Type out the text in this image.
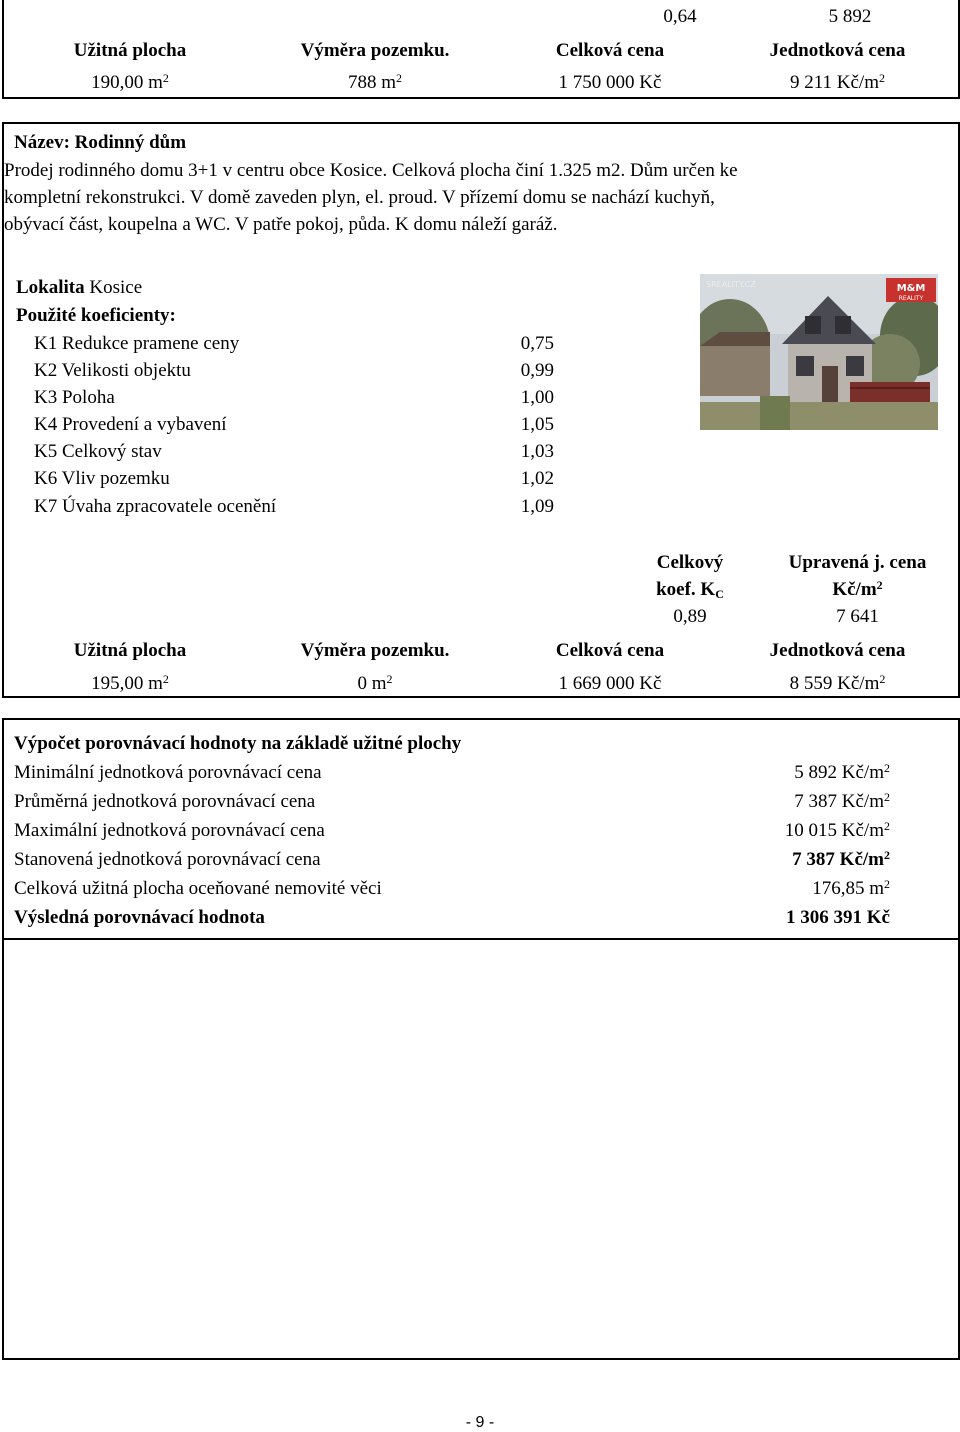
0,64	5 892
Užitná plocha	Výměra pozemku.	Celková cena	Jednotková cena
190,00 $m^2$	788 $m^2$	1 750 000 Kč	9 211 $Kč/m^2$
Název: Rodinný dům
Prodej rodinného domu 3+1 v centru obce Kosice. Celková plocha činí 1.325 m2. Dům určen ke
kompletní rekonstrukci. V domě zaveden plyn, el. proud. V přízemí domu se nachází kuchyň,
obývací část, koupelna a WC. V patře pokoj, půda. K domu náleží garáž.
Lokalita Kosice
Použité koeficienty:
K1 Redukce pramene ceny	0,75
K2 Velikosti objektu	0,99
K3 Poloha	1,00
K4 Provedení a vybavení	1,05
K5 Celkový stav	1,03
K6 Vliv pozemku	1,02
K7 Úvaha zpracovatele ocenění	1,09
M&M
REALITY
SREALITY.CZ
Celkový
koef. $K_C$
Upravená j. cena
$Kč/m^2$
0,89	7 641
Užitná plocha	Výměra pozemku.	Celková cena	Jednotková cena
195,00 $m^2$	0 $m^2$	1 669 000 Kč	8 559 $Kč/m^2$
Výpočet porovnávací hodnoty na základě užitné plochy
Minimální jednotková porovnávací cena	5 892 $Kč/m^2$
Průměrná jednotková porovnávací cena	7 387 $Kč/m^2$
Maximální jednotková porovnávací cena	10 015 $Kč/m^2$
Stanovená jednotková porovnávací cena	7 387 $Kč/m^2$
Celková užitná plocha oceňované nemovité věci	176,85 $m^2$
Výsledná porovnávací hodnota	1 306 391 Kč
- 9 -
